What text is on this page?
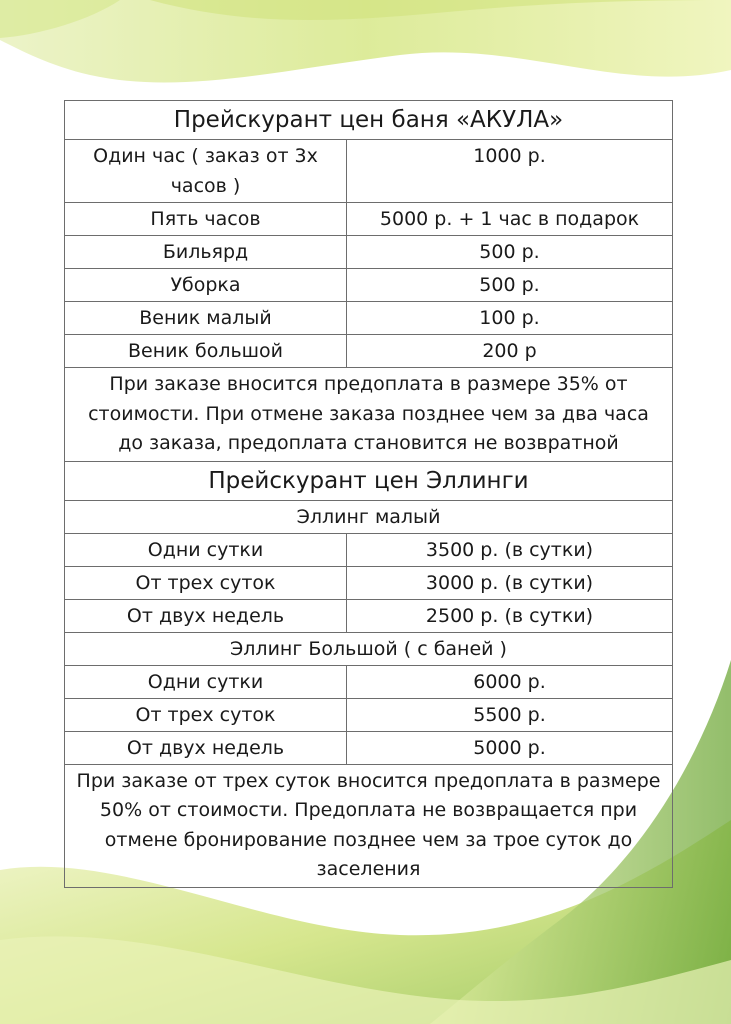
Прейскурант цен баня «АКУЛА»	
Один час ( заказ от 3х часов )	1000 р.
Пять часов	5000 р. + 1 час в подарок
Бильярд	500 р.
Уборка	500 р.
Веник малый	100 р.
Веник большой	200 р
При заказе вносится предоплата в размере 35% от стоимости. При отмене заказа позднее чем за два часа до заказа, предоплата становится не возвратной	
Прейскурант цен Эллинги	
Эллинг малый	
Одни сутки	3500 р. (в сутки)
От трех суток	3000 р. (в сутки)
От двух недель	2500 р. (в сутки)
Эллинг Большой ( с баней )	
Одни сутки	6000 р.
От трех суток	5500 р.
От двух недель	5000 р.
При заказе от трех суток вносится предоплата в размере 50% от стоимости. Предоплата не возвращается при отмене бронирование позднее чем за трое суток до заселения	
